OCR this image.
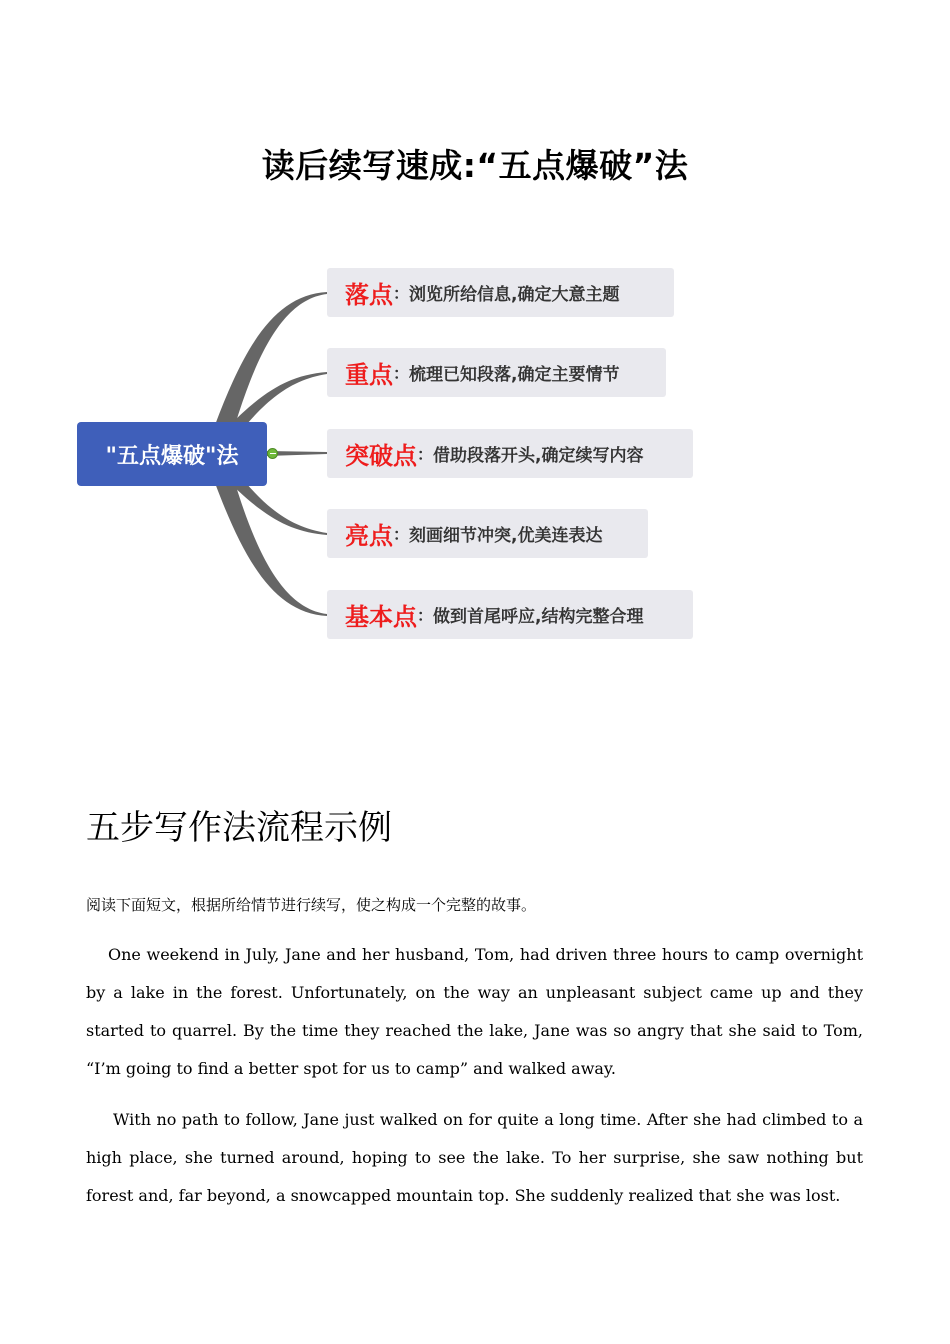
读后续写速成:“五点爆破”法
"五点爆破"法
落点 ： 浏览所给信息,确定大意主题
重点 ： 梳理已知段落,确定主要情节
突破点 ： 借助段落开头,确定续写内容
亮点 ： 刻画细节冲突,优美连表达
基本点 ： 做到首尾呼应,结构完整合理
五步写作法流程示例
阅读下面短文，根据所给情节进行续写，使之构成一个完整的故事。

One weekend in July, Jane and her husband, Tom, had driven three hours to camp overnight by a lake in the forest. Unfortunately, on the way an unpleasant subject came up and they started to quarrel. By the time they reached the lake, Jane was so angry that she said to Tom, “I’m going to find a better spot for us to camp” and walked away.

With no path to follow, Jane just walked on for quite a long time. After she had climbed to a high place, she turned around, hoping to see the lake. To her surprise, she saw nothing but forest and, far beyond, a snowcapped mountain top. She suddenly realized that she was lost.
